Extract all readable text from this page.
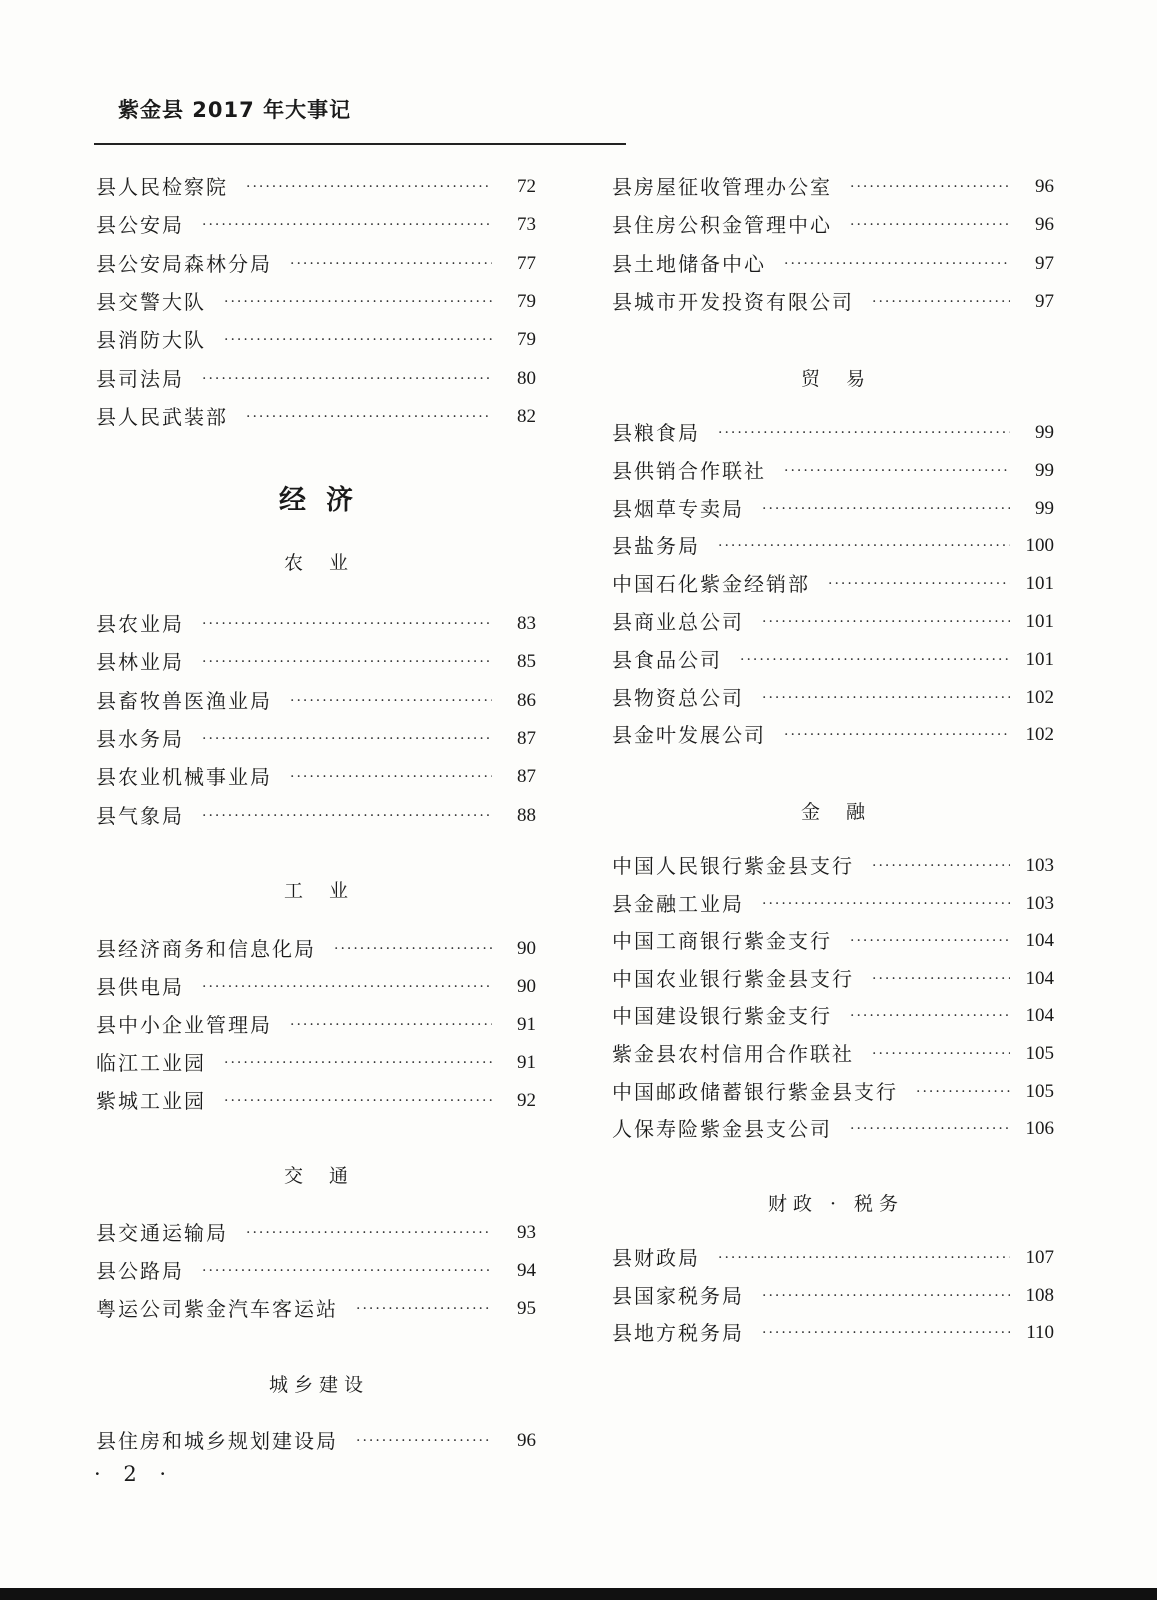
紫金县 2017 年大事记
县人民检察院 ·····	72
县公安局 ·····	73
县公安局森林分局 ·····	77
县交警大队 ·····	79
县消防大队 ·····	79
县司法局 ·····	80
县人民武装部 ·····	82
经济
农业
县农业局 ·····	83
县林业局 ·····	85
县畜牧兽医渔业局 ·····	86
县水务局 ·····	87
县农业机械事业局 ·····	87
县气象局 ·····	88
工业
县经济商务和信息化局 ·····	90
县供电局 ·····	90
县中小企业管理局 ·····	91
临江工业园 ·····	91
紫城工业园 ·····	92
交通
县交通运输局 ·····	93
县公路局 ·····	94
粤运公司紫金汽车客运站 ·····	95
城乡建设
县住房和城乡规划建设局 ·····	96
县房屋征收管理办公室 ·····	96
县住房公积金管理中心 ·····	96
县土地储备中心 ·····	97
县城市开发投资有限公司 ·····	97
贸易
县粮食局 ·····	99
县供销合作联社 ·····	99
县烟草专卖局 ·····	99
县盐务局 ·····	100
中国石化紫金经销部 ·····	101
县商业总公司 ·····	101
县食品公司 ·····	101
县物资总公司 ·····	102
县金叶发展公司 ·····	102
金融
中国人民银行紫金县支行 ·····	103
县金融工业局 ·····	103
中国工商银行紫金支行 ·····	104
中国农业银行紫金县支行 ·····	104
中国建设银行紫金支行 ·····	104
紫金县农村信用合作联社 ·····	105
中国邮政储蓄银行紫金县支行 ·····	105
人保寿险紫金县支公司 ·····	106
财政 · 税务
县财政局 ·····	107
县国家税务局 ·····	108
县地方税务局 ·····	110
· 2 ·
